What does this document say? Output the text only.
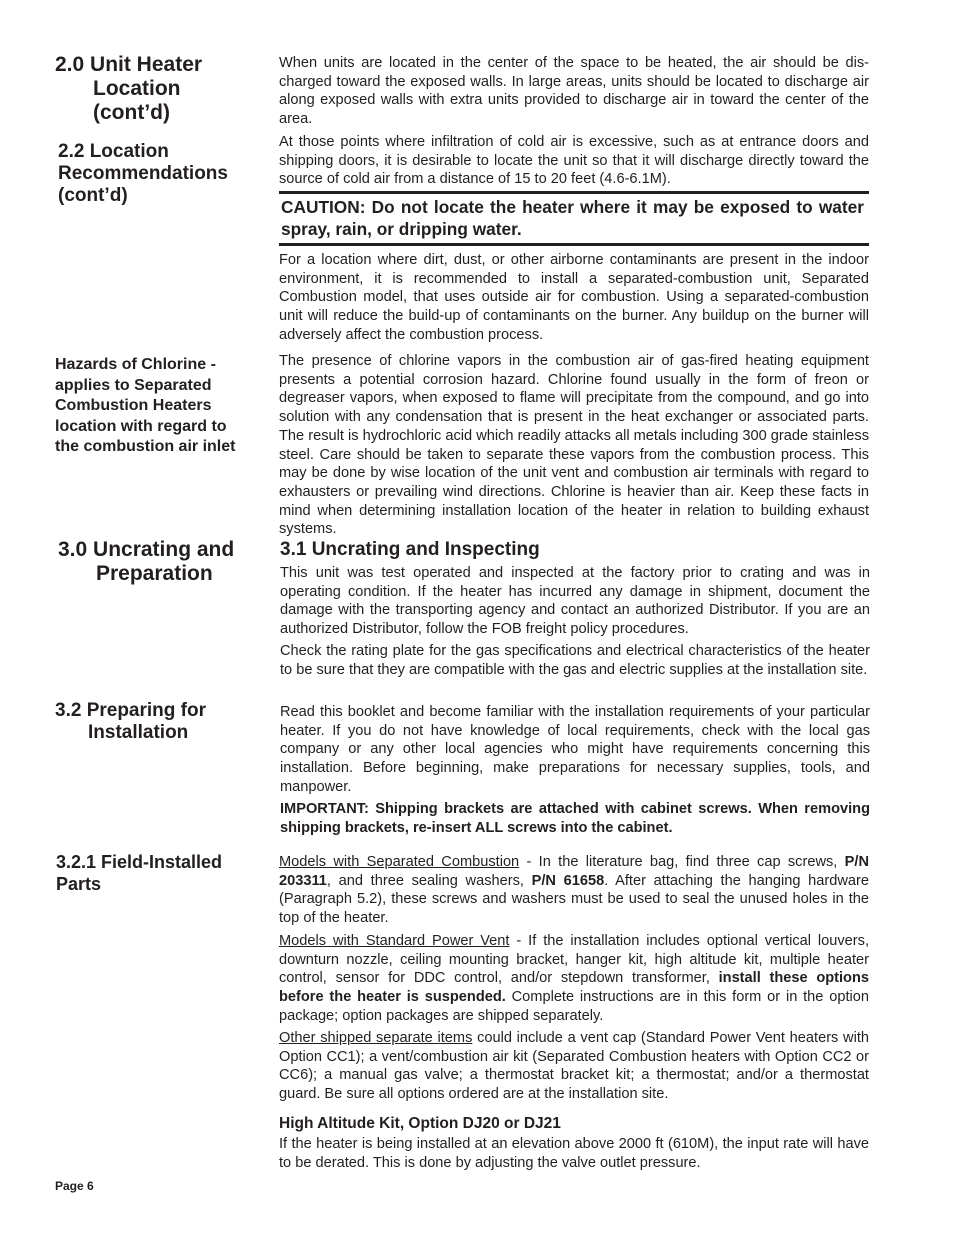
2.0 Unit Heater
Location
(cont’d)
2.2 Location
Recommendations
(cont’d)
Hazards of Chlorine -
applies to Separated
Combustion Heaters
location with regard to
the combustion air inlet
3.0 Uncrating and
Preparation
3.2 Preparing for
Installation
3.2.1 Field-Installed
Parts

When units are located in the center of the space to be heated, the air should be discharged toward the exposed walls. In large areas, units should be located to discharge air along exposed walls with extra units provided to discharge air in toward the center of the area.

At those points where infiltration of cold air is excessive, such as at entrance doors and shipping doors, it is desirable to locate the unit so that it will discharge directly toward the source of cold air from a distance of 15 to 20 feet (4.6-6.1M).

CAUTION: Do not locate the heater where it may be exposed to water spray, rain, or dripping water.

For a location where dirt, dust, or other airborne contaminants are present in the indoor environment, it is recommended to install a separated-combustion unit, Separated Combustion model, that uses outside air for combustion. Using a separated-combustion unit will reduce the build-up of contaminants on the burner. Any buildup on the burner will adversely affect the combustion process.

The presence of chlorine vapors in the combustion air of gas-fired heating equipment presents a potential corrosion hazard. Chlorine found usually in the form of freon or degreaser vapors, when exposed to flame will precipitate from the compound, and go into solution with any condensation that is present in the heat exchanger or associated parts. The result is hydrochloric acid which readily attacks all metals including 300 grade stainless steel. Care should be taken to separate these vapors from the combustion process. This may be done by wise location of the unit vent and combustion air terminals with regard to exhausters or prevailing wind directions. Chlorine is heavier than air. Keep these facts in mind when determining installation location of the heater in relation to building exhaust systems.

3.1 Uncrating and Inspecting

This unit was test operated and inspected at the factory prior to crating and was in operating condition. If the heater has incurred any damage in shipment, document the damage with the transporting agency and contact an authorized Distributor. If you are an authorized Distributor, follow the FOB freight policy procedures.

Check the rating plate for the gas specifications and electrical characteristics of the heater to be sure that they are compatible with the gas and electric supplies at the installation site.

Read this booklet and become familiar with the installation requirements of your particular heater. If you do not have knowledge of local requirements, check with the local gas company or any other local agencies who might have requirements concerning this installation. Before beginning, make preparations for necessary supplies, tools, and manpower.

IMPORTANT: Shipping brackets are attached with cabinet screws. When removing shipping brackets, re-insert ALL screws into the cabinet.

Models with Separated Combustion - In the literature bag, find three cap screws, P/N 203311, and three sealing washers, P/N 61658. After attaching the hanging hardware (Paragraph 5.2), these screws and washers must be used to seal the unused holes in the top of the heater.

Models with Standard Power Vent - If the installation includes optional vertical louvers, downturn nozzle, ceiling mounting bracket, hanger kit, high altitude kit, multiple heater control, sensor for DDC control, and/or stepdown transformer, install these options before the heater is suspended. Complete instructions are in this form or in the option package; option packages are shipped separately.

Other shipped separate items could include a vent cap (Standard Power Vent heaters with Option CC1); a vent/combustion air kit (Separated Combustion heaters with Option CC2 or CC6); a manual gas valve; a thermostat bracket kit; a thermostat; and/or a thermostat guard. Be sure all options ordered are at the installation site.

High Altitude Kit, Option DJ20 or DJ21

If the heater is being installed at an elevation above 2000 ft (610M), the input rate will have to be derated. This is done by adjusting the valve outlet pressure.

Page 6
